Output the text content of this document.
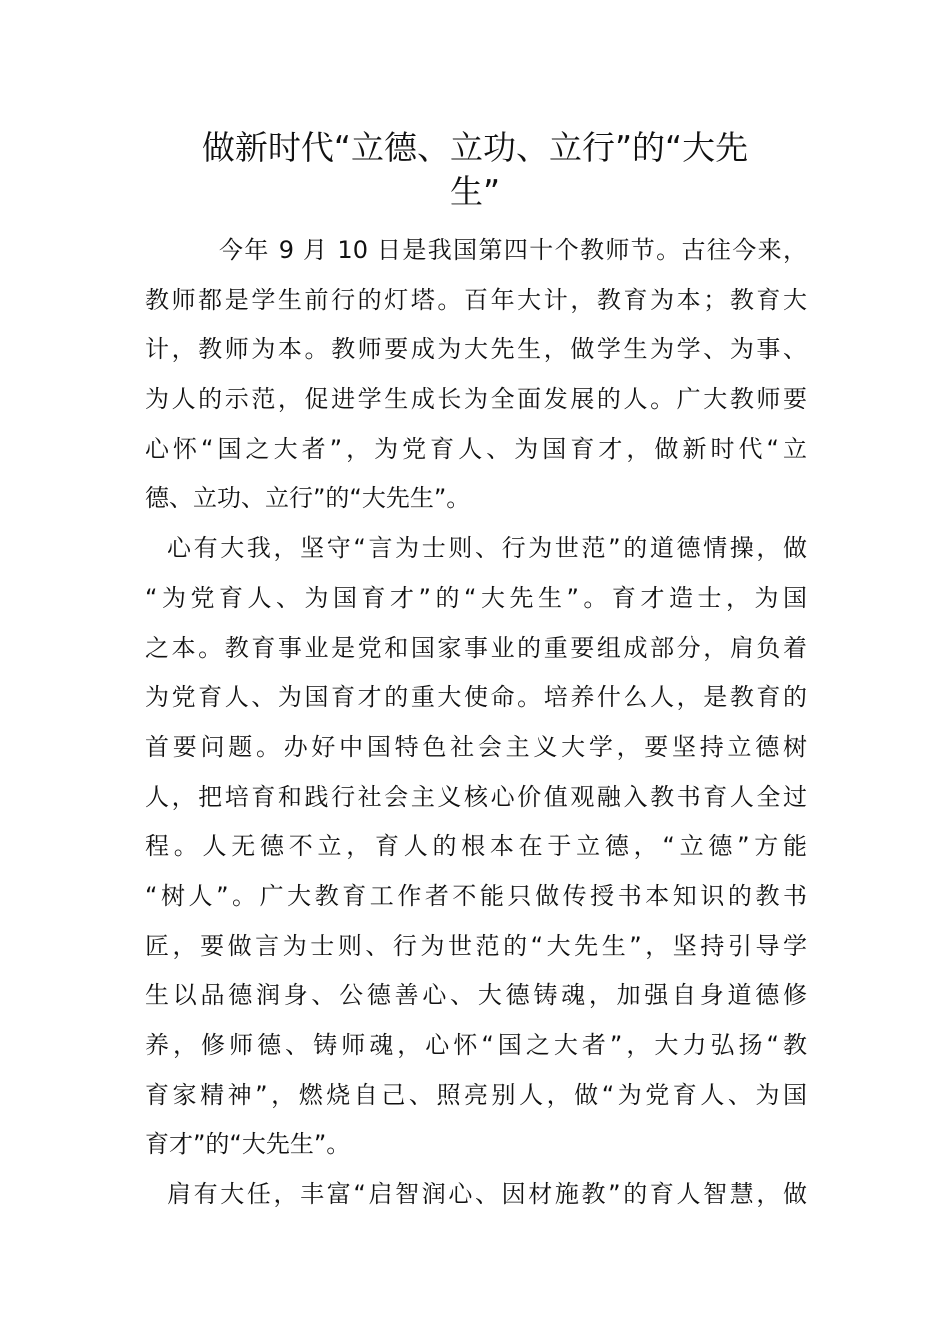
做新时代“立德、立功、立行”的“大先
生”
今年 9 月 10 日是我国第四十个教师节。古往今来，
教师都是学生前行的灯塔。百年大计，教育为本；教育大
计，教师为本。教师要成为大先生，做学生为学、为事、
为人的示范，促进学生成长为全面发展的人。广大教师要
心怀“国之大者”，为党育人、为国育才，做新时代“立
德、立功、立行”的“大先生”。
心有大我，坚守“言为士则、行为世范”的道德情操，做
“为党育人、为国育才”的“大先生”。育才造士，为国
之本。教育事业是党和国家事业的重要组成部分，肩负着
为党育人、为国育才的重大使命。培养什么人，是教育的
首要问题。办好中国特色社会主义大学，要坚持立德树
人，把培育和践行社会主义核心价值观融入教书育人全过
程。人无德不立，育人的根本在于立德，“立德”方能
“树人”。广大教育工作者不能只做传授书本知识的教书
匠，要做言为士则、行为世范的“大先生”，坚持引导学
生以品德润身、公德善心、大德铸魂，加强自身道德修
养，修师德、铸师魂，心怀“国之大者”，大力弘扬“教
育家精神”，燃烧自己、照亮别人，做“为党育人、为国
育才”的“大先生”。
肩有大任，丰富“启智润心、因材施教”的育人智慧，做
